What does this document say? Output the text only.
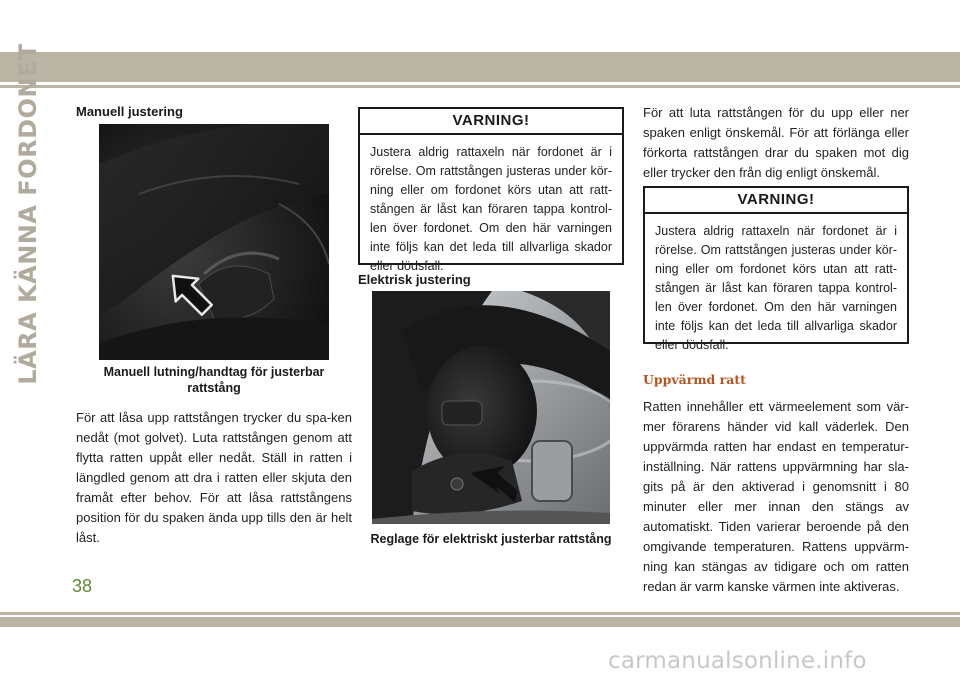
LÄRA KÄNNA FORDONET	Manuell justering
Manuell lutning/handtag för justerbar
rattstång
För att låsa upp rattstången trycker du spa-ken nedåt (mot golvet). Luta rattstången genom att flytta ratten uppåt eller nedåt. Ställ in ratten i längdled genom att dra i ratten eller skjuta den framåt efter behov. För att låsa rattstångens position för du spaken ända upp tills den är helt låst.
VARNING!
Justera aldrig rattaxeln när fordonet är i rörelse. Om rattstången justeras under kör-ning eller om fordonet körs utan att ratt-stången är låst kan föraren tappa kontrol-len över fordonet. Om den här varningen inte följs kan det leda till allvarliga skador eller dödsfall.
Elektrisk justering
Reglage för elektriskt justerbar rattstång
För att luta rattstången för du upp eller ner spaken enligt önskemål. För att förlänga eller förkorta rattstången drar du spaken mot dig eller trycker den från dig enligt önskemål.
VARNING!
Justera aldrig rattaxeln när fordonet är i rörelse. Om rattstången justeras under kör-ning eller om fordonet körs utan att ratt-stången är låst kan föraren tappa kontrol-len över fordonet. Om den här varningen inte följs kan det leda till allvarliga skador eller dödsfall.
Uppvärmd ratt
Ratten innehåller ett värmeelement som vär-mer förarens händer vid kall väderlek. Den uppvärmda ratten har endast en temperatur-inställning. När rattens uppvärmning har sla-gits på är den aktiverad i genomsnitt i 80 minuter eller mer innan den stängs av automatiskt. Tiden varierar beroende på den omgivande temperaturen. Rattens uppvärm-ning kan stängas av tidigare och om ratten redan är varm kanske värmen inte aktiveras.
38
carmanualsonline.info
